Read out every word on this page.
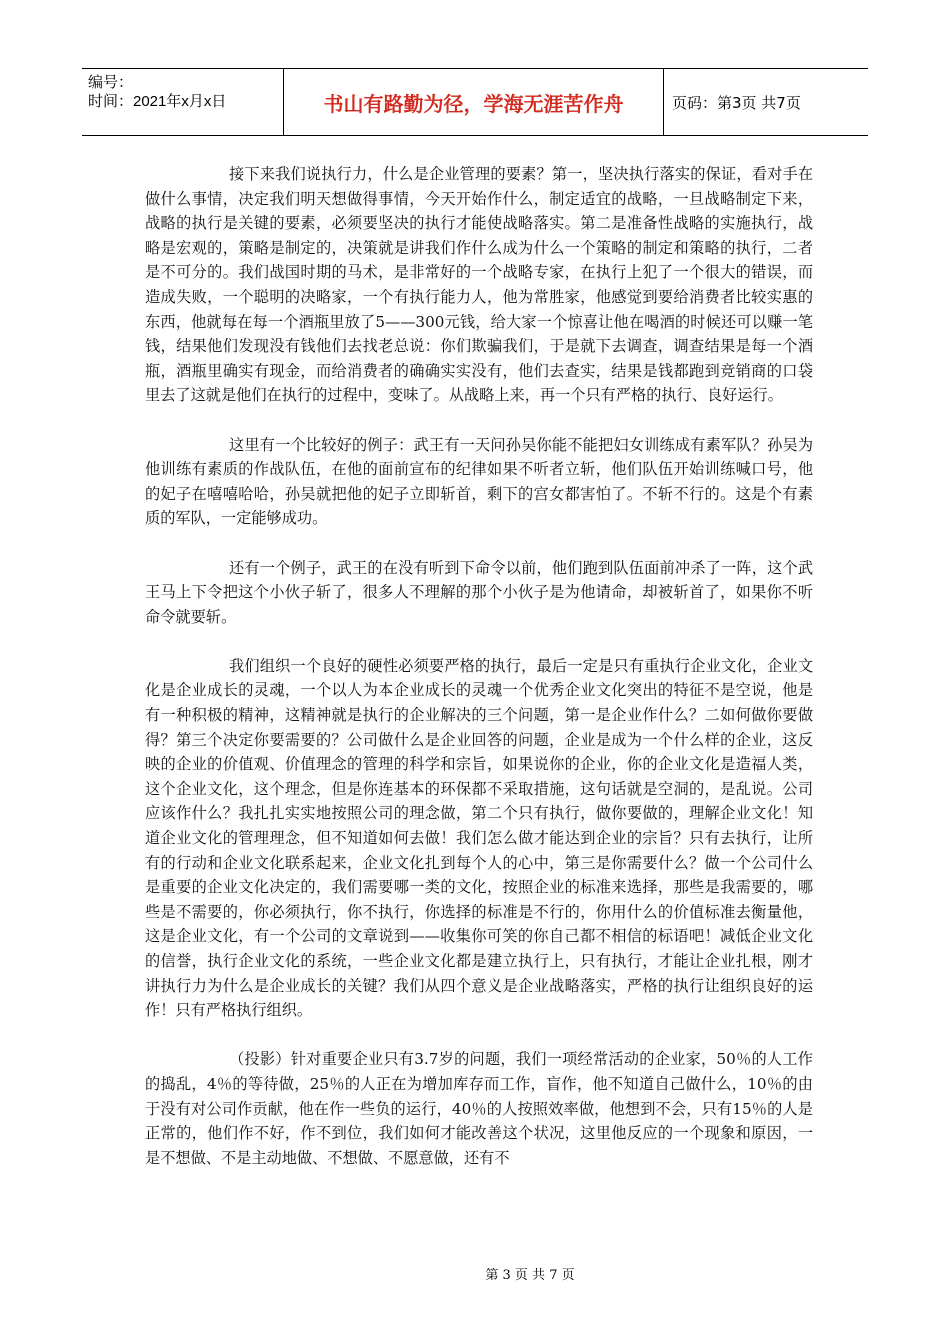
编号：
时间：2021年x月x日	书山有路勤为径，学海无涯苦作舟	页码：第3页 共7页

接下来我们说执行力，什么是企业管理的要素？第一，坚决执行落实的保证，看对手在做什么事情，决定我们明天想做得事情，今天开始作什么，制定适宜的战略，一旦战略制定下来，战略的执行是关键的要素，必须要坚决的执行才能使战略落实。第二是准备性战略的实施执行，战略是宏观的，策略是制定的，决策就是讲我们作什么成为什么一个策略的制定和策略的执行，二者是不可分的。我们战国时期的马术，是非常好的一个战略专家，在执行上犯了一个很大的错误，而造成失败，一个聪明的决略家，一个有执行能力人，他为常胜家，他感觉到要给消费者比较实惠的东西，他就每在每一个酒瓶里放了5——300元钱，给大家一个惊喜让他在喝酒的时候还可以赚一笔钱，结果他们发现没有钱他们去找老总说：你们欺骗我们，于是就下去调查，调查结果是每一个酒瓶，酒瓶里确实有现金，而给消费者的确确实实没有，他们去查实，结果是钱都跑到竞销商的口袋里去了这就是他们在执行的过程中，变味了。从战略上来，再一个只有严格的执行、良好运行。

这里有一个比较好的例子：武王有一天问孙吴你能不能把妇女训练成有素军队？孙吴为他训练有素质的作战队伍，在他的面前宣布的纪律如果不听者立斩，他们队伍开始训练喊口号，他的妃子在嘻嘻哈哈，孙吴就把他的妃子立即斩首，剩下的宫女都害怕了。不斩不行的。这是个有素质的军队，一定能够成功。

还有一个例子，武王的在没有听到下命令以前，他们跑到队伍面前冲杀了一阵，这个武王马上下令把这个小伙子斩了，很多人不理解的那个小伙子是为他请命，却被斩首了，如果你不听命令就要斩。

我们组织一个良好的硬性必须要严格的执行，最后一定是只有重执行企业文化，企业文化是企业成长的灵魂，一个以人为本企业成长的灵魂一个优秀企业文化突出的特征不是空说，他是有一种积极的精神，这精神就是执行的企业解决的三个问题，第一是企业作什么？二如何做你要做得？第三个决定你要需要的？公司做什么是企业回答的问题，企业是成为一个什么样的企业，这反映的企业的价值观、价值理念的管理的科学和宗旨，如果说你的企业，你的企业文化是造福人类，这个企业文化，这个理念，但是你连基本的环保都不采取措施，这句话就是空洞的，是乱说。公司应该作什么？我扎扎实实地按照公司的理念做，第二个只有执行，做你要做的，理解企业文化！知道企业文化的管理理念，但不知道如何去做！我们怎么做才能达到企业的宗旨？只有去执行，让所有的行动和企业文化联系起来，企业文化扎到每个人的心中，第三是你需要什么？做一个公司什么是重要的企业文化决定的，我们需要哪一类的文化，按照企业的标准来选择，那些是我需要的，哪些是不需要的，你必须执行，你不执行，你选择的标准是不行的，你用什么的价值标准去衡量他，这是企业文化，有一个公司的文章说到——收集你可笑的你自己都不相信的标语吧！减低企业文化的信誉，执行企业文化的系统，一些企业文化都是建立执行上，只有执行，才能让企业扎根，刚才讲执行力为什么是企业成长的关键？我们从四个意义是企业战略落实，严格的执行让组织良好的运作！只有严格执行组织。

（投影）针对重要企业只有3.7岁的问题，我们一项经常活动的企业家，50％的人工作的捣乱，4％的等待做，25％的人正在为增加库存而工作，盲作，他不知道自己做什么，10％的由于没有对公司作贡献，他在作一些负的运行，40％的人按照效率做，他想到不会，只有15％的人是正常的，他们作不好，作不到位，我们如何才能改善这个状况，这里他反应的一个现象和原因，一是不想做、不是主动地做、不想做、不愿意做，还有不

第 3 页 共 7 页
